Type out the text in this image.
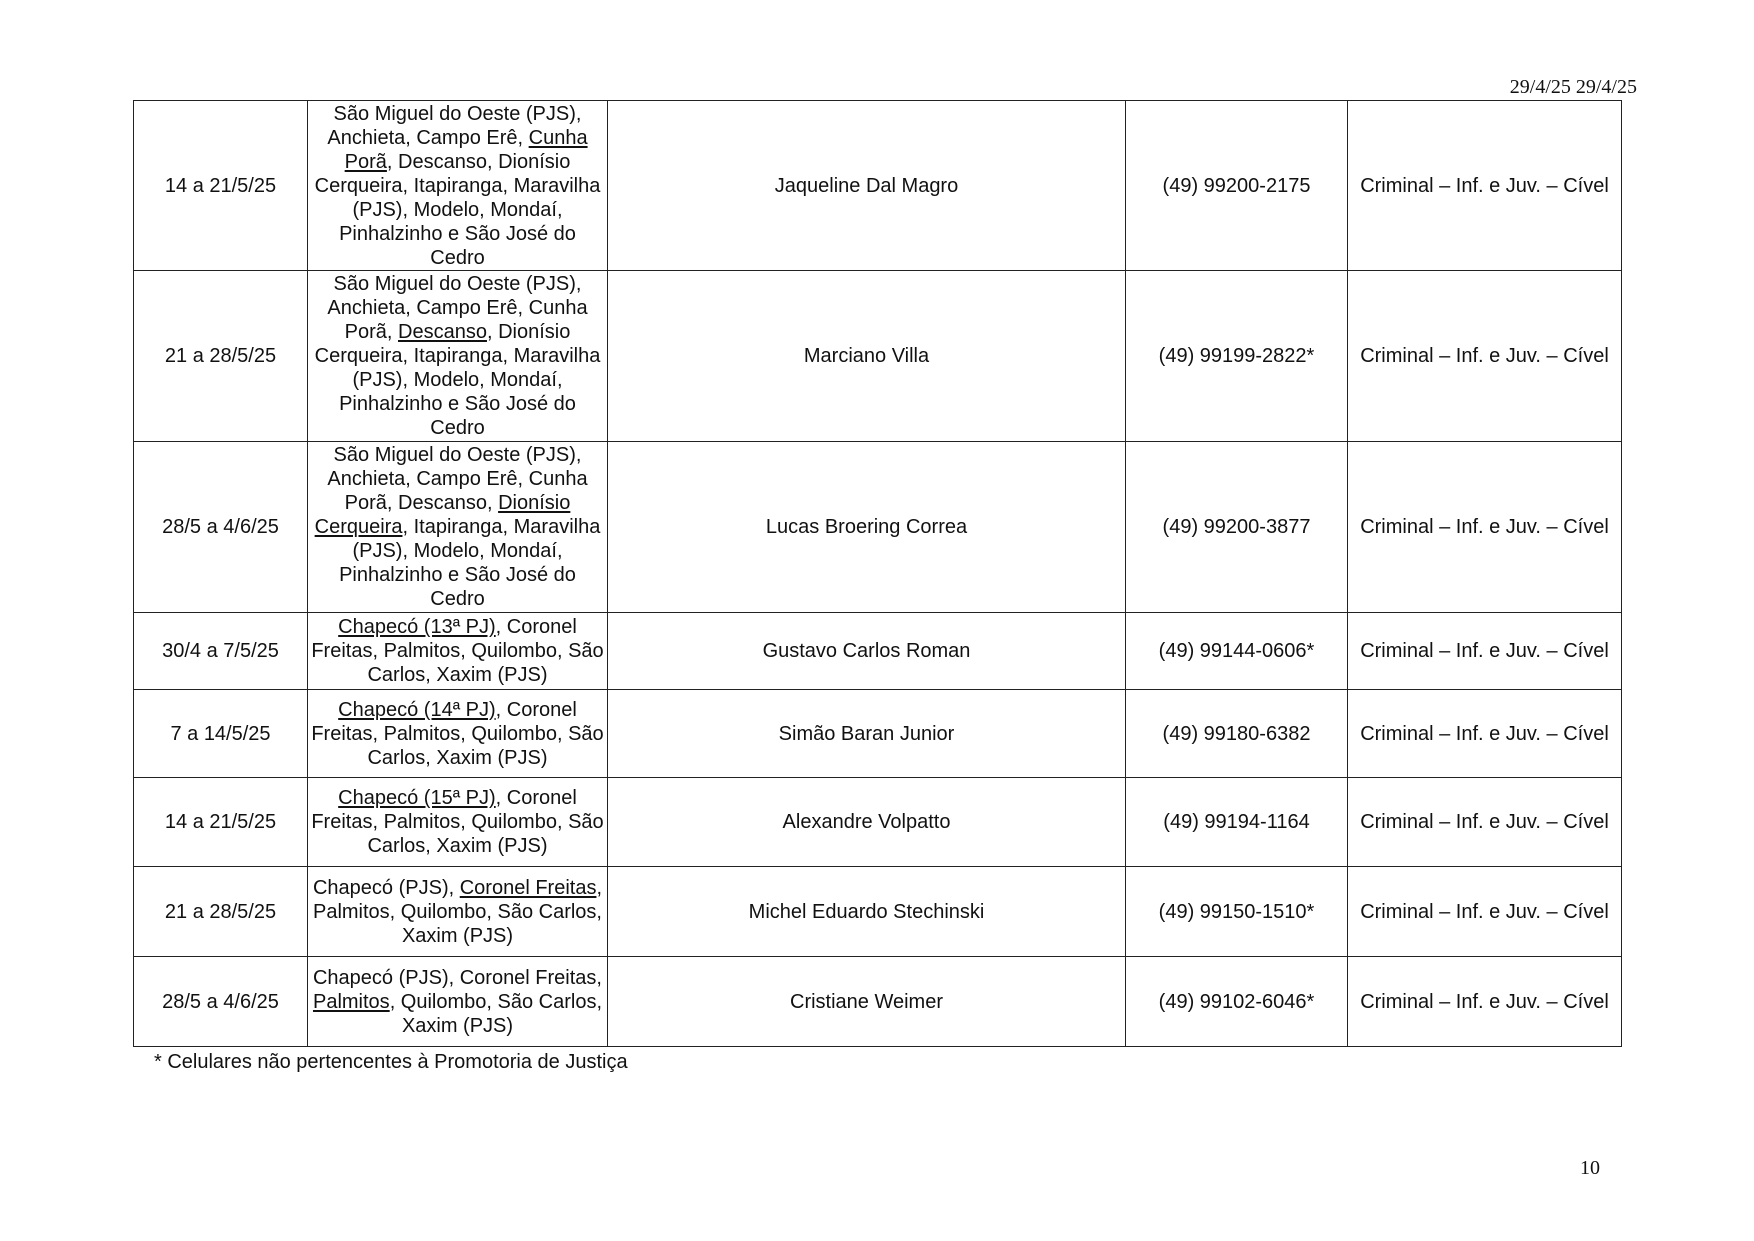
29/4/25 29/4/25
14 a 21/5/25	São Miguel do Oeste (PJS), Anchieta, Campo Erê, Cunha Porã, Descanso, Dionísio Cerqueira, Itapiranga, Maravilha (PJS), Modelo, Mondaí, Pinhalzinho e São José do Cedro	Jaqueline Dal Magro	(49) 99200-2175	Criminal – Inf. e Juv. – Cível
21 a 28/5/25	São Miguel do Oeste (PJS), Anchieta, Campo Erê, Cunha Porã, Descanso, Dionísio Cerqueira, Itapiranga, Maravilha (PJS), Modelo, Mondaí, Pinhalzinho e São José do Cedro	Marciano Villa	(49) 99199-2822*	Criminal – Inf. e Juv. – Cível
28/5 a 4/6/25	São Miguel do Oeste (PJS), Anchieta, Campo Erê, Cunha Porã, Descanso, Dionísio Cerqueira, Itapiranga, Maravilha (PJS), Modelo, Mondaí, Pinhalzinho e São José do Cedro	Lucas Broering Correa	(49) 99200-3877	Criminal – Inf. e Juv. – Cível
30/4 a 7/5/25	Chapecó (13ª PJ), Coronel Freitas, Palmitos, Quilombo, São Carlos, Xaxim (PJS)	Gustavo Carlos Roman	(49) 99144-0606*	Criminal – Inf. e Juv. – Cível
7 a 14/5/25	Chapecó (14ª PJ), Coronel Freitas, Palmitos, Quilombo, São Carlos, Xaxim (PJS)	Simão Baran Junior	(49) 99180-6382	Criminal – Inf. e Juv. – Cível
14 a 21/5/25	Chapecó (15ª PJ), Coronel Freitas, Palmitos, Quilombo, São Carlos, Xaxim (PJS)	Alexandre Volpatto	(49) 99194-1164	Criminal – Inf. e Juv. – Cível
21 a 28/5/25	Chapecó (PJS), Coronel Freitas, Palmitos, Quilombo, São Carlos, Xaxim (PJS)	Michel Eduardo Stechinski	(49) 99150-1510*	Criminal – Inf. e Juv. – Cível
28/5 a 4/6/25	Chapecó (PJS), Coronel Freitas, Palmitos, Quilombo, São Carlos, Xaxim (PJS)	Cristiane Weimer	(49) 99102-6046*	Criminal – Inf. e Juv. – Cível
* Celulares não pertencentes à Promotoria de Justiça
10
